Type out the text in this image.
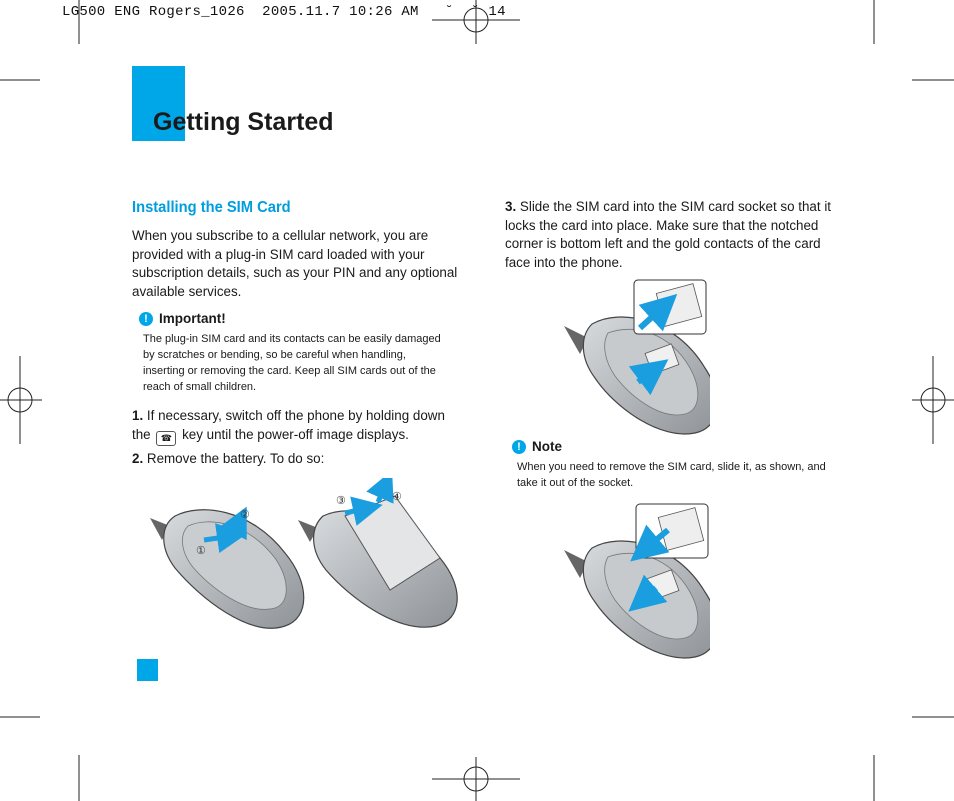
LG500 ENG Rogers_1026  2005.11.7 10:26 AM   ˘  ˘ 14
Getting Started
Installing the SIM Card
When you subscribe to a cellular network, you are provided with a plug-in SIM card loaded with your subscription details, such as your PIN and any optional available services.
! Important!
The plug-in SIM card and its contacts can be easily damaged by scratches or bending, so be careful when handling, inserting or removing the card. Keep all SIM cards out of the reach of small children.
1. If necessary, switch off the phone by holding down the ☎ key until the power-off image displays.
2. Remove the battery. To do so:
3. Slide the SIM card into the SIM card socket so that it locks the card into place. Make sure that the notched corner is bottom left and the gold contacts of the card face into the phone.
! Note
When you need to remove the SIM card, slide it, as shown, and take it out of the socket.
①
②
③	④
